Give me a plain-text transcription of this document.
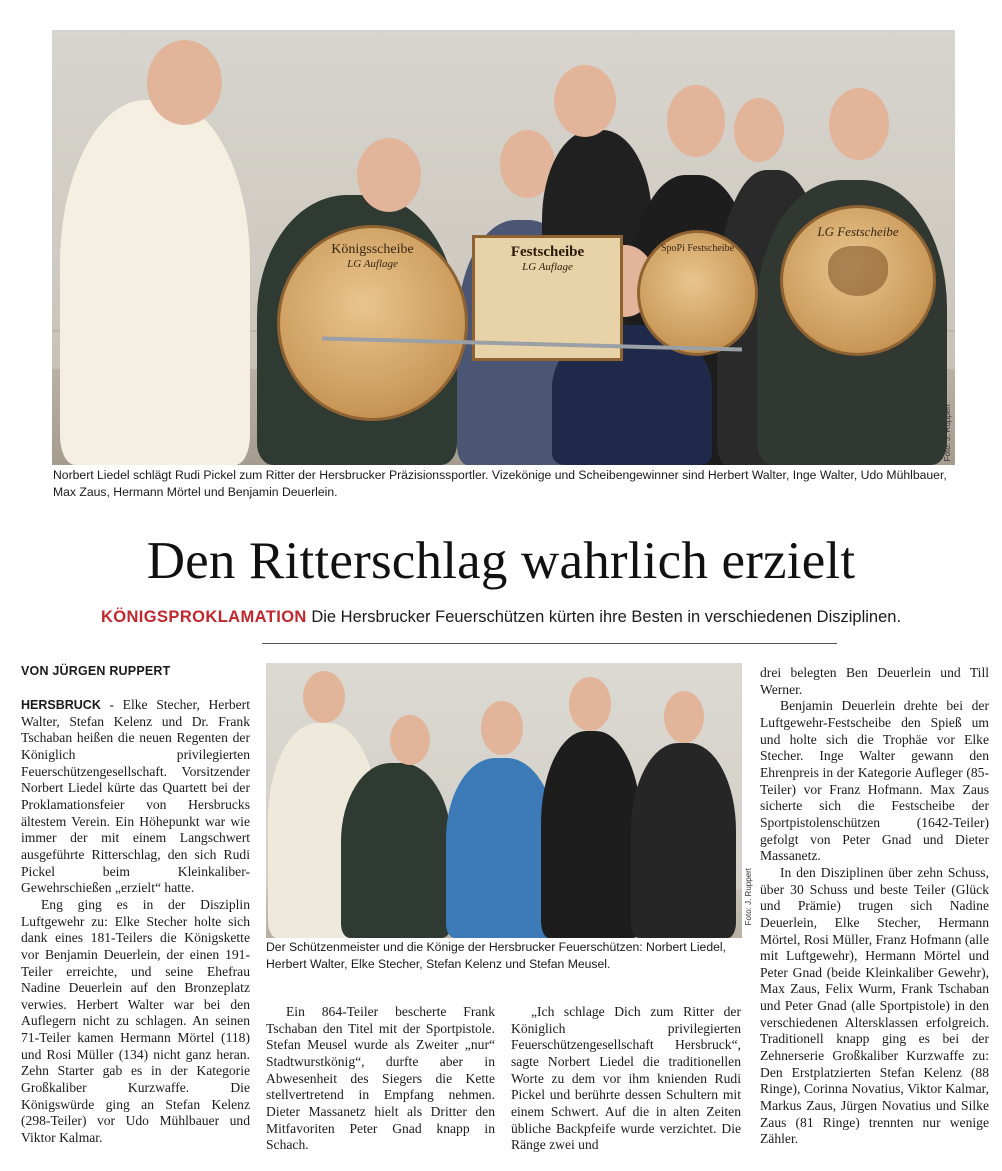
Königsscheibe
LG Auflage
Festscheibe
LG Auflage
SpoPi Festscheibe
LG Festscheibe
Foto: J. Ruppert
Norbert Liedel schlägt Rudi Pickel zum Ritter der Hersbrucker Präzisionssportler. Vizekönige und Scheibengewinner sind Herbert Walter, Inge Walter, Udo Mühlbauer, Max Zaus, Hermann Mörtel und Benjamin Deuerlein.
Den Ritterschlag wahrlich erzielt
KÖNIGSPROKLAMATION Die Hersbrucker Feuerschützen kürten ihre Besten in verschiedenen Disziplinen.
VON JÜRGEN RUPPERT

HERSBRUCK - Elke Stecher, Herbert Walter, Stefan Kelenz und Dr. Frank Tschaban heißen die neuen Regenten der Königlich privilegierten Feuerschützengesellschaft. Vorsitzender Norbert Liedel kürte das Quartett bei der Proklamationsfeier von Hersbrucks ältestem Verein. Ein Höhepunkt war wie immer der mit einem Langschwert ausgeführte Ritterschlag, den sich Rudi Pickel beim Kleinkaliber-Gewehrschießen „erzielt“ hatte.

Eng ging es in der Disziplin Luftgewehr zu: Elke Stecher holte sich dank eines 181-Teilers die Königskette vor Benjamin Deuerlein, der einen 191-Teiler erreichte, und seine Ehefrau Nadine Deuerlein auf den Bronzeplatz verwies. Herbert Walter war bei den Auflegern nicht zu schlagen. An seinen 71-Teiler kamen Hermann Mörtel (118) und Rosi Müller (134) nicht ganz heran. Zehn Starter gab es in der Kategorie Großkaliber Kurzwaffe. Die Königswürde ging an Stefan Kelenz (298-Teiler) vor Udo Mühlbauer und Viktor Kalmar.

Foto: J. Ruppert
Der Schützenmeister und die Könige der Hersbrucker Feuerschützen: Norbert Liedel, Herbert Walter, Elke Stecher, Stefan Kelenz und Stefan Meusel.

Ein 864-Teiler bescherte Frank Tschaban den Titel mit der Sportpistole. Stefan Meusel wurde als Zweiter „nur“ Stadtwurstkönig“, durfte aber in Abwesenheit des Siegers die Kette stellvertretend in Empfang nehmen. Dieter Massanetz hielt als Dritter den Mitfavoriten Peter Gnad knapp in Schach.

„Ich schlage Dich zum Ritter der Königlich privilegierten Feuerschützengesellschaft Hersbruck“, sagte Norbert Liedel die traditionellen Worte zu dem vor ihm knienden Rudi Pickel und berührte dessen Schultern mit einem Schwert. Auf die in alten Zeiten übliche Backpfeife wurde verzichtet. Die Ränge zwei und

drei belegten Ben Deuerlein und Till Werner.

Benjamin Deuerlein drehte bei der Luftgewehr-Festscheibe den Spieß um und holte sich die Trophäe vor Elke Stecher. Inge Walter gewann den Ehrenpreis in der Kategorie Aufleger (85-Teiler) vor Franz Hofmann. Max Zaus sicherte sich die Festscheibe der Sportpistolenschützen (1642-Teiler) gefolgt von Peter Gnad und Dieter Massanetz.

In den Disziplinen über zehn Schuss, über 30 Schuss und beste Teiler (Glück und Prämie) trugen sich Nadine Deuerlein, Elke Stecher, Hermann Mörtel, Rosi Müller, Franz Hofmann (alle mit Luftgewehr), Hermann Mörtel und Peter Gnad (beide Kleinkaliber Gewehr), Max Zaus, Felix Wurm, Frank Tschaban und Peter Gnad (alle Sportpistole) in den verschiedenen Altersklassen erfolgreich. Traditionell knapp ging es bei der Zehnerserie Großkaliber Kurzwaffe zu: Den Erstplatzierten Stefan Kelenz (88 Ringe), Corinna Novatius, Viktor Kalmar, Markus Zaus, Jürgen Novatius und Silke Zaus (81 Ringe) trennten nur wenige Zähler.
